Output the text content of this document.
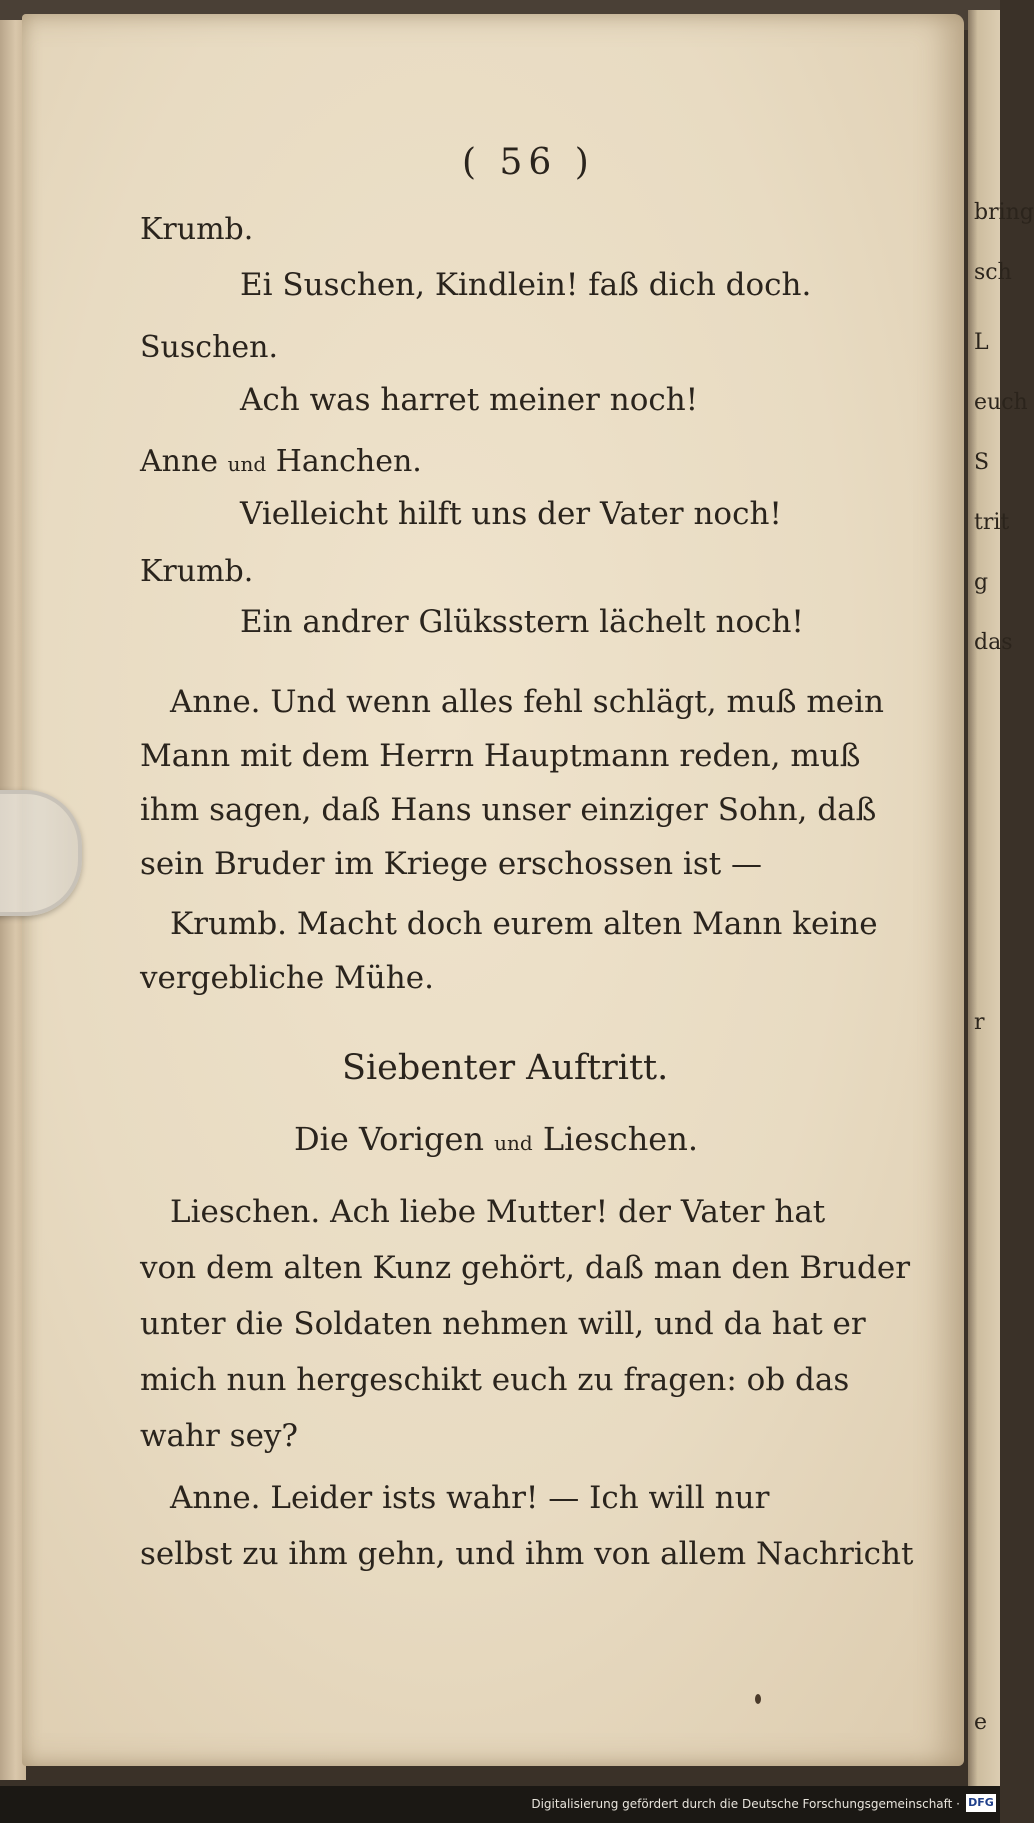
bring
sch
L
euch
S
trit
g
das
r
e
( 56 )
Krumb.
Ei Suschen, Kindlein! faß dich doch.
Suschen.
Ach was harret meiner noch!
Anne und Hanchen.
Vielleicht hilft uns der Vater noch!
Krumb.
Ein andrer Glüksstern lächelt noch!
Anne. Und wenn alles fehl schlägt, muß mein
Mann mit dem Herrn Hauptmann reden, muß
ihm sagen, daß Hans unser einziger Sohn, daß
sein Bruder im Kriege erschossen ist —
Krumb. Macht doch eurem alten Mann keine
vergebliche Mühe.
Siebenter Auftritt.
Die Vorigen und Lieschen.
Lieschen. Ach liebe Mutter! der Vater hat
von dem alten Kunz gehört, daß man den Bruder
unter die Soldaten nehmen will, und da hat er
mich nun hergeschikt euch zu fragen: ob das
wahr sey?
Anne. Leider ists wahr! — Ich will nur
selbst zu ihm gehn, und ihm von allem Nachricht
Digitalisierung gefördert durch die Deutsche Forschungsgemeinschaft · DFG
